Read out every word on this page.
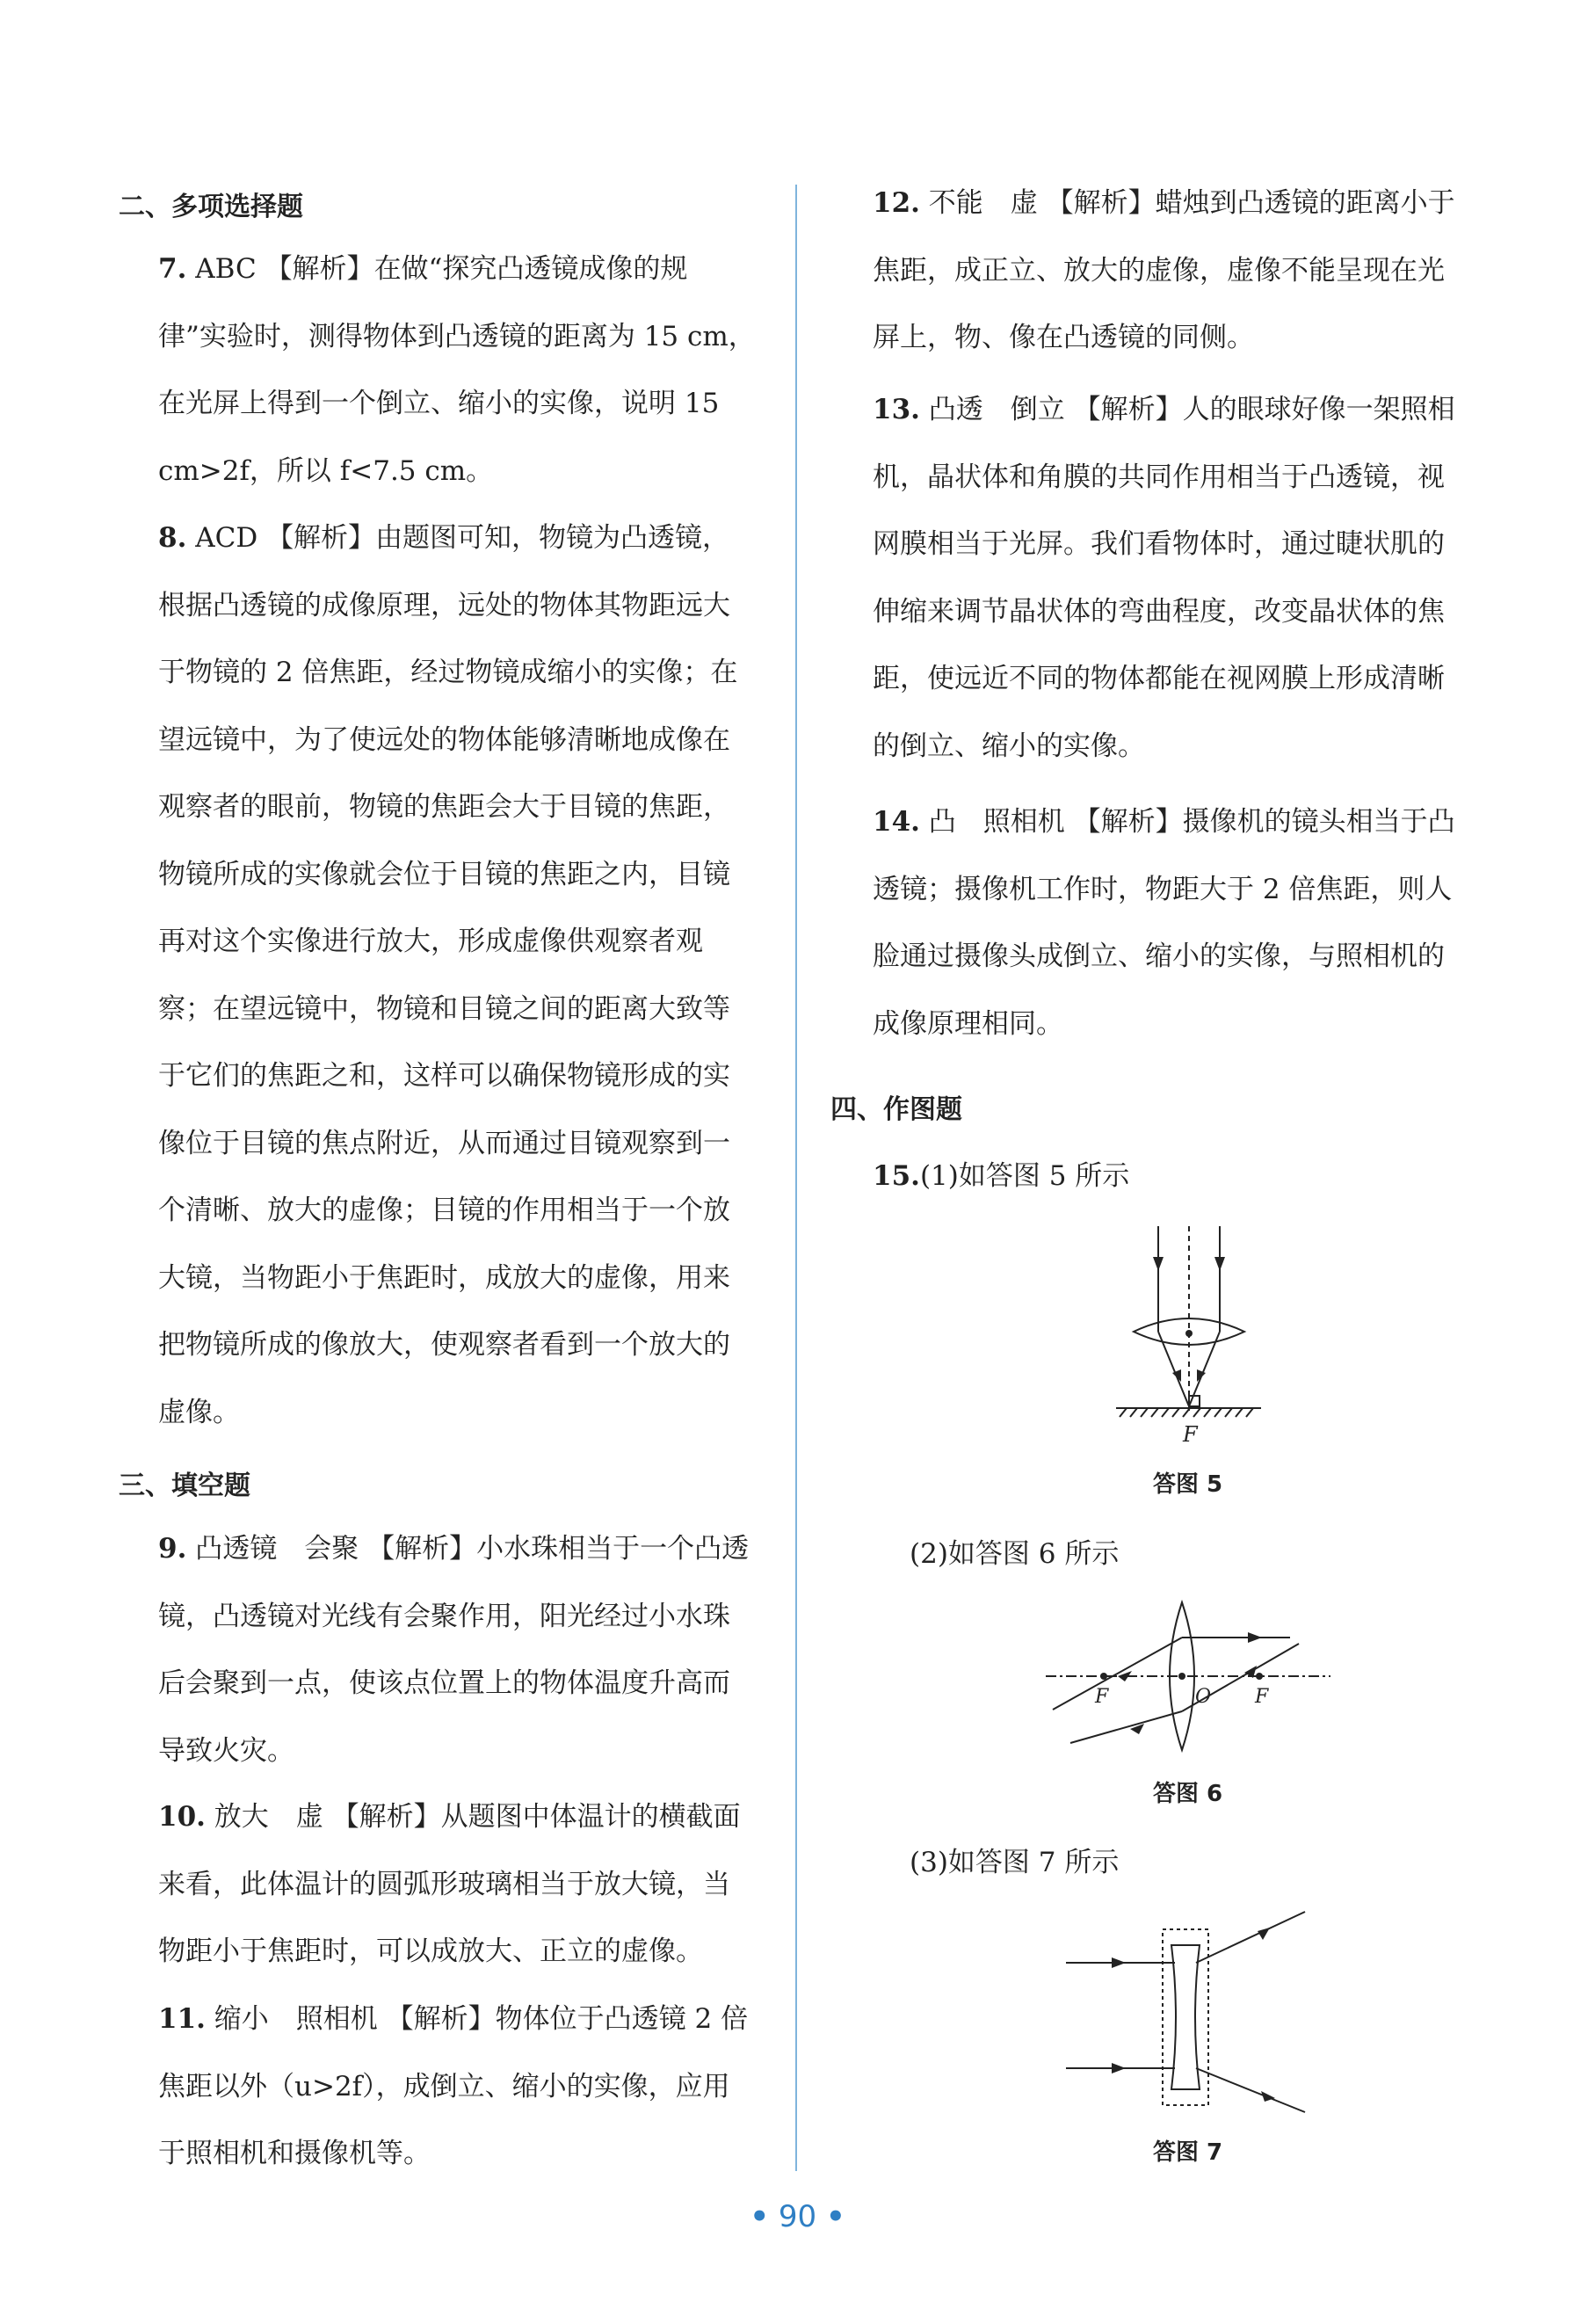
二、多项选择题
7. ABC 【解析】在做“探究凸透镜成像的规律”实验时，测得物体到凸透镜的距离为 15 cm，在光屏上得到一个倒立、缩小的实像，说明 15 cm>2f，所以 f<7.5 cm。
8. ACD 【解析】由题图可知，物镜为凸透镜，根据凸透镜的成像原理，远处的物体其物距远大于物镜的 2 倍焦距，经过物镜成缩小的实像；在望远镜中，为了使远处的物体能够清晰地成像在观察者的眼前，物镜的焦距会大于目镜的焦距，物镜所成的实像就会位于目镜的焦距之内，目镜再对这个实像进行放大，形成虚像供观察者观察；在望远镜中，物镜和目镜之间的距离大致等于它们的焦距之和，这样可以确保物镜形成的实像位于目镜的焦点附近，从而通过目镜观察到一个清晰、放大的虚像；目镜的作用相当于一个放大镜，当物距小于焦距时，成放大的虚像，用来把物镜所成的像放大，使观察者看到一个放大的虚像。
三、填空题
9. 凸透镜　会聚 【解析】小水珠相当于一个凸透镜，凸透镜对光线有会聚作用，阳光经过小水珠后会聚到一点，使该点位置上的物体温度升高而导致火灾。
10. 放大　虚 【解析】从题图中体温计的横截面来看，此体温计的圆弧形玻璃相当于放大镜，当物距小于焦距时，可以成放大、正立的虚像。
11. 缩小　照相机 【解析】物体位于凸透镜 2 倍焦距以外（u>2f），成倒立、缩小的实像，应用于照相机和摄像机等。
12. 不能　虚 【解析】蜡烛到凸透镜的距离小于焦距，成正立、放大的虚像，虚像不能呈现在光屏上，物、像在凸透镜的同侧。
13. 凸透　倒立 【解析】人的眼球好像一架照相机，晶状体和角膜的共同作用相当于凸透镜，视网膜相当于光屏。我们看物体时，通过睫状肌的伸缩来调节晶状体的弯曲程度，改变晶状体的焦距，使远近不同的物体都能在视网膜上形成清晰的倒立、缩小的实像。
14. 凸　照相机 【解析】摄像机的镜头相当于凸透镜；摄像机工作时，物距大于 2 倍焦距，则人脸通过摄像头成倒立、缩小的实像，与照相机的成像原理相同。
四、作图题
15.(1)如答图 5 所示
F
答图 5
(2)如答图 6 所示
F	O F
答图 6
(3)如答图 7 所示
答图 7
• 90 •
